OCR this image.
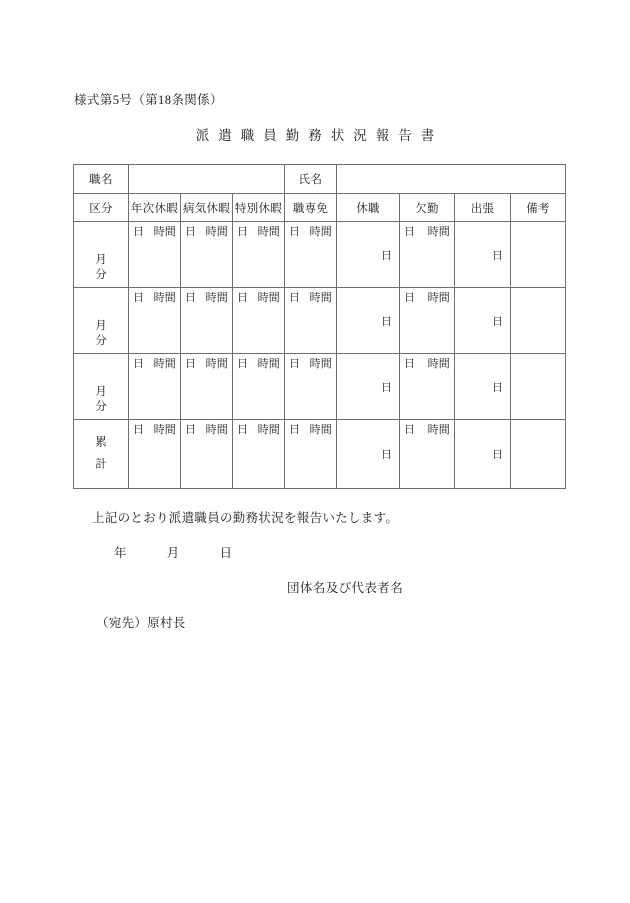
様式第5号（第18条関係）
派遣職員勤務状況報告書
職名				氏名				
区分	年次休暇	病気休暇	特別休暇	職専免	休職	欠勤	出張	備考

月
分	日 時間	日 時間	日 時間	日 時間	日	日 時間	日	

月
分	日 時間	日 時間	日 時間	日 時間	日	日 時間	日	

月
分	日 時間	日 時間	日 時間	日 時間	日	日 時間	日	

累
計	日 時間	日 時間	日 時間	日 時間	日	日 時間	日	

上記のとおり派遣職員の勤務状況を報告いたします。
年	月	日
団体名及び代表者名
（宛先）原村長
